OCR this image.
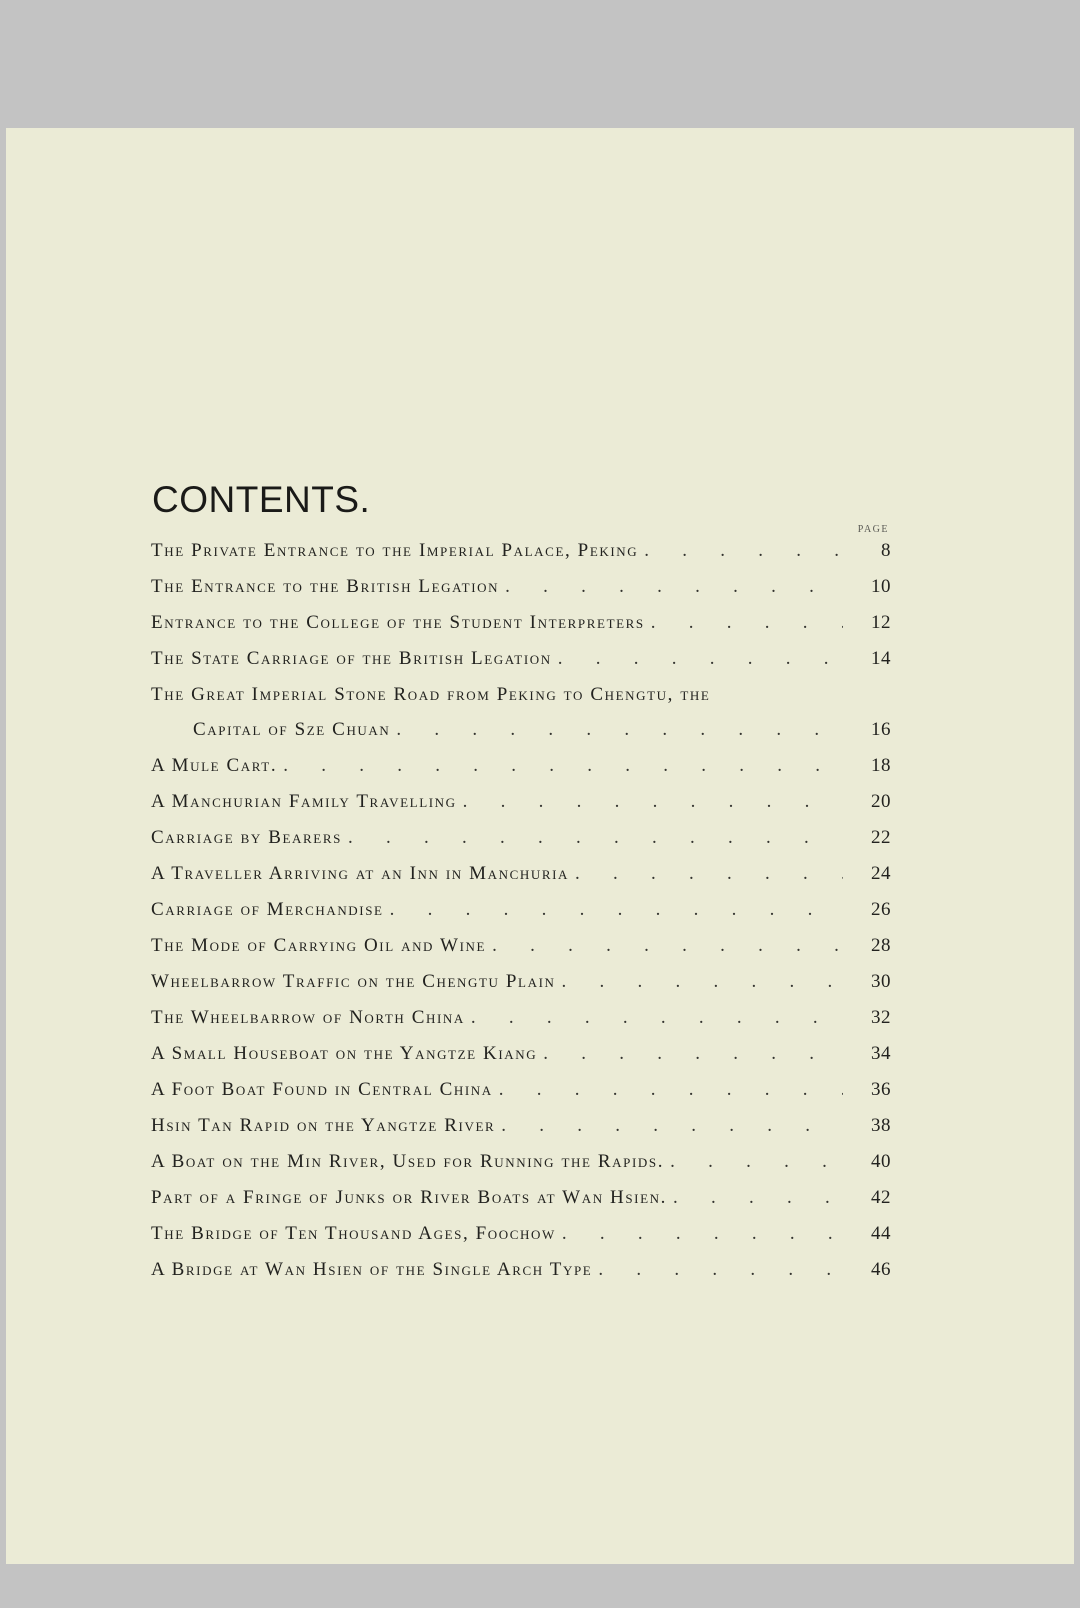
CONTENTS.
PAGE
The Private Entrance to the Imperial Palace, Peking .	8
The Entrance to the British Legation .	10
Entrance to the College of the Student Interpreters .	12
The State Carriage of the British Legation .	14
The Great Imperial Stone Road from Peking to Chengtu, the
Capital of Sze Chuan .	16
A Mule Cart. .	18
A Manchurian Family Travelling .	20
Carriage by Bearers .	22
A Traveller Arriving at an Inn in Manchuria .	24
Carriage of Merchandise .	26
The Mode of Carrying Oil and Wine .	28
Wheelbarrow Traffic on the Chengtu Plain .	30
The Wheelbarrow of North China .	32
A Small Houseboat on the Yangtze Kiang .	34
A Foot Boat Found in Central China .	36
Hsin Tan Rapid on the Yangtze River .	38
A Boat on the Min River, Used for Running the Rapids. .	40
Part of a Fringe of Junks or River Boats at Wan Hsien. .	42
The Bridge of Ten Thousand Ages, Foochow .	44
A Bridge at Wan Hsien of the Single Arch Type .	46
